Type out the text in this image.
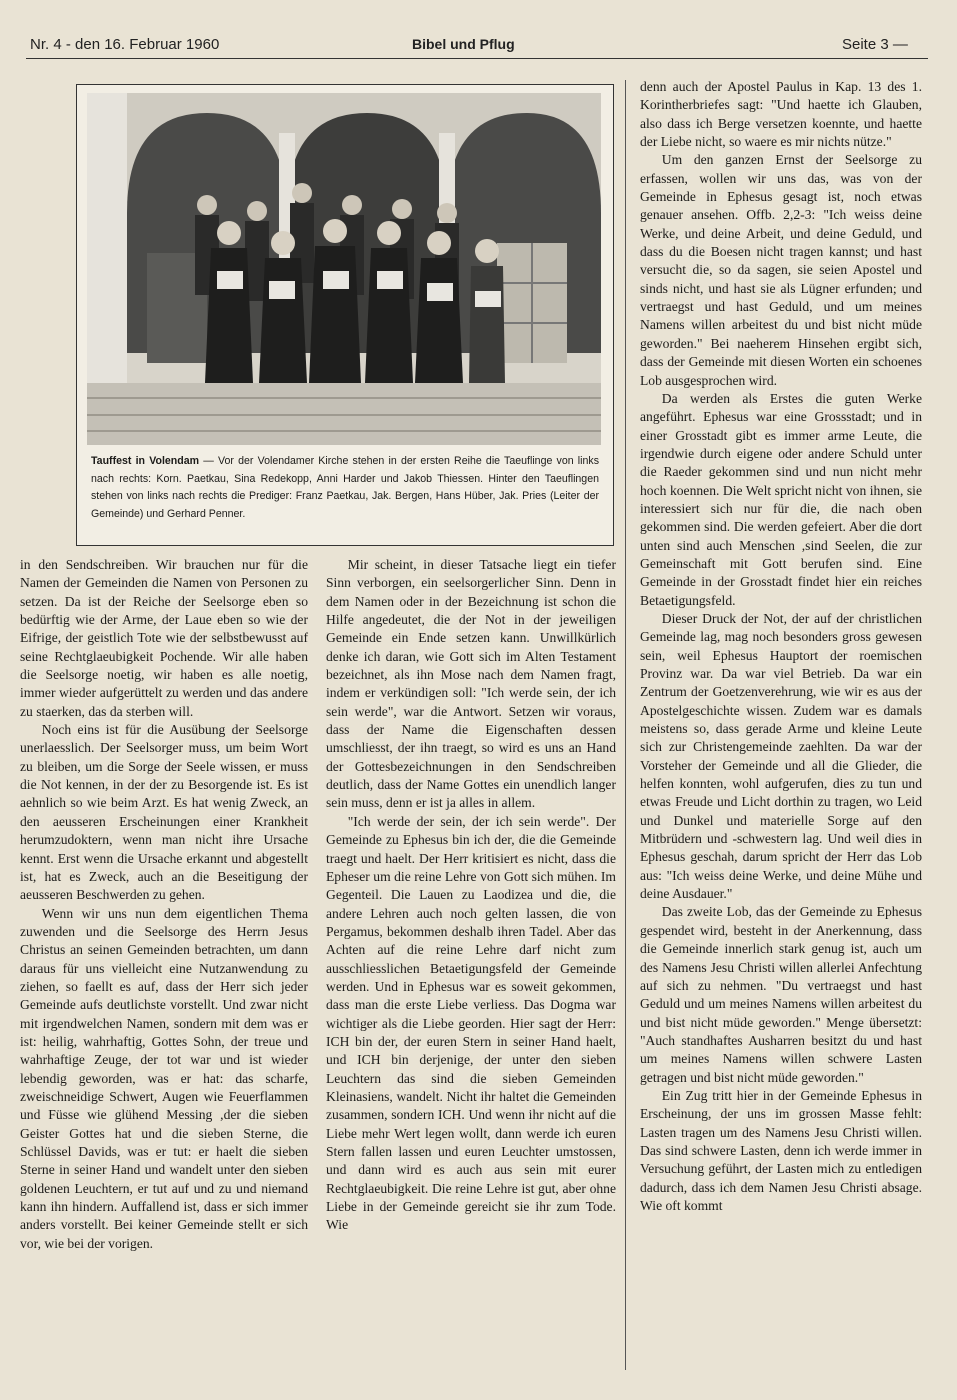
Nr. 4 - den 16. Februar 1960	Bibel und Pflug	Seite 3 —
Tauffest in Volendam — Vor der Volendamer Kirche stehen in der ersten Reihe die Taeuflinge von links nach rechts: Korn. Paetkau, Sina Redekopp, Anni Harder und Jakob Thiessen. Hinter den Taeuflingen stehen von links nach rechts die Prediger: Franz Paetkau, Jak. Bergen, Hans Hüber, Jak. Pries (Leiter der Gemeinde) und Gerhard Penner.

in den Sendschreiben. Wir brauchen nur für die Namen der Gemeinden die Namen von Personen zu setzen. Da ist der Reiche der Seelsorge eben so bedürftig wie der Arme, der Laue eben so wie der Eifrige, der geistlich Tote wie der selbstbewusst auf seine Rechtglaeubigkeit Pochende. Wir alle haben die Seelsorge noetig, wir haben es alle noetig, immer wieder aufgerüttelt zu werden und das andere zu staerken, das da sterben will.

Noch eins ist für die Ausübung der Seelsorge unerlaesslich. Der Seelsorger muss, um beim Wort zu bleiben, um die Sorge der Seele wissen, er muss die Not kennen, in der der zu Besorgende ist. Es ist aehnlich so wie beim Arzt. Es hat wenig Zweck, an den aeusseren Erscheinungen einer Krankheit herumzudoktern, wenn man nicht ihre Ursache kennt. Erst wenn die Ursache erkannt und abgestellt ist, hat es Zweck, auch an die Beseitigung der aeusseren Beschwerden zu gehen.

Wenn wir uns nun dem eigentlichen Thema zuwenden und die Seelsorge des Herrn Jesus Christus an seinen Gemeinden betrachten, um dann daraus für uns vielleicht eine Nutzanwendung zu ziehen, so faellt es auf, dass der Herr sich jeder Gemeinde aufs deutlichste vorstellt. Und zwar nicht mit irgendwelchen Namen, sondern mit dem was er ist: heilig, wahrhaftig, Gottes Sohn, der treue und wahrhaftige Zeuge, der tot war und ist wieder lebendig geworden, was er hat: das scharfe, zweischneidige Schwert, Augen wie Feuerflammen und Füsse wie glühend Messing ,der die sieben Geister Gottes hat und die sieben Sterne, die Schlüssel Davids, was er tut: er haelt die sieben Sterne in seiner Hand und wandelt unter den sieben goldenen Leuchtern, er tut auf und zu und niemand kann ihn hindern. Auffallend ist, dass er sich immer anders vorstellt. Bei keiner Gemeinde stellt er sich vor, wie bei der vorigen.

Mir scheint, in dieser Tatsache liegt ein tiefer Sinn verborgen, ein seelsorgerlicher Sinn. Denn in dem Namen oder in der Bezeichnung ist schon die Hilfe angedeutet, die der Not in der jeweiligen Gemeinde ein Ende setzen kann. Unwillkürlich denke ich daran, wie Gott sich im Alten Testament bezeichnet, als ihn Mose nach dem Namen fragt, indem er verkündigen soll: "Ich werde sein, der ich sein werde", war die Antwort. Setzen wir voraus, dass der Name die Eigenschaften dessen umschliesst, der ihn traegt, so wird es uns an Hand der Gottesbezeichnungen in den Sendschreiben deutlich, dass der Name Gottes ein unendlich langer sein muss, denn er ist ja alles in allem.

"Ich werde der sein, der ich sein werde". Der Gemeinde zu Ephesus bin ich der, die die Gemeinde traegt und haelt. Der Herr kritisiert es nicht, dass die Epheser um die reine Lehre von Gott sich mühen. Im Gegenteil. Die Lauen zu Laodizea und die, die andere Lehren auch noch gelten lassen, die von Pergamus, bekommen deshalb ihren Tadel. Aber das Achten auf die reine Lehre darf nicht zum ausschliesslichen Betaetigungsfeld der Gemeinde werden. Und in Ephesus war es soweit gekommen, dass man die erste Liebe verliess. Das Dogma war wichtiger als die Liebe georden. Hier sagt der Herr: ICH bin der, der euren Stern in seiner Hand haelt, und ICH bin derjenige, der unter den sieben Leuchtern das sind die sieben Gemeinden Kleinasiens, wandelt. Nicht ihr haltet die Gemeinden zusammen, sondern ICH. Und wenn ihr nicht auf die Liebe mehr Wert legen wollt, dann werde ich euren Stern fallen lassen und euren Leuchter umstossen, und dann wird es auch aus sein mit eurer Rechtglaeubigkeit. Die reine Lehre ist gut, aber ohne Liebe in der Gemeinde gereicht sie ihr zum Tode. Wie

denn auch der Apostel Paulus in Kap. 13 des 1. Korintherbriefes sagt: "Und haette ich Glauben, also dass ich Berge versetzen koennte, und haette der Liebe nicht, so waere es mir nichts nütze."

Um den ganzen Ernst der Seelsorge zu erfassen, wollen wir uns das, was von der Gemeinde in Ephesus gesagt ist, noch etwas genauer ansehen. Offb. 2,2-3: "Ich weiss deine Werke, und deine Arbeit, und deine Geduld, und dass du die Boesen nicht tragen kannst; und hast versucht die, so da sagen, sie seien Apostel und sinds nicht, und hast sie als Lügner erfunden; und vertraegst und hast Geduld, und um meines Namens willen arbeitest du und bist nicht müde geworden." Bei naeherem Hinsehen ergibt sich, dass der Gemeinde mit diesen Worten ein schoenes Lob ausgesprochen wird.

Da werden als Erstes die guten Werke angeführt. Ephesus war eine Grossstadt; und in einer Grosstadt gibt es immer arme Leute, die irgendwie durch eigene oder andere Schuld unter die Raeder gekommen sind und nun nicht mehr hoch koennen. Die Welt spricht nicht von ihnen, sie interessiert sich nur für die, die nach oben gekommen sind. Die werden gefeiert. Aber die dort unten sind auch Menschen ,sind Seelen, die zur Gemeinschaft mit Gott berufen sind. Eine Gemeinde in der Grosstadt findet hier ein reiches Betaetigungsfeld.

Dieser Druck der Not, der auf der christlichen Gemeinde lag, mag noch besonders gross gewesen sein, weil Ephesus Hauptort der roemischen Provinz war. Da war viel Betrieb. Da war ein Zentrum der Goetzenverehrung, wie wir es aus der Apostelgeschichte wissen. Zudem war es damals meistens so, dass gerade Arme und kleine Leute sich zur Christengemeinde zaehlten. Da war der Vorsteher der Gemeinde und all die Glieder, die helfen konnten, wohl aufgerufen, dies zu tun und etwas Freude und Licht dorthin zu tragen, wo Leid und Dunkel und materielle Sorge auf den Mitbrüdern und -schwestern lag. Und weil dies in Ephesus geschah, darum spricht der Herr das Lob aus: "Ich weiss deine Werke, und deine Mühe und deine Ausdauer."

Das zweite Lob, das der Gemeinde zu Ephesus gespendet wird, besteht in der Anerkennung, dass die Gemeinde innerlich stark genug ist, auch um des Namens Jesu Christi willen allerlei Anfechtung auf sich zu nehmen. "Du vertraegst und hast Geduld und um meines Namens willen arbeitest du und bist nicht müde geworden." Menge übersetzt: "Auch standhaftes Ausharren besitzt du und hast um meines Namens willen schwere Lasten getragen und bist nicht müde geworden."

Ein Zug tritt hier in der Gemeinde Ephesus in Erscheinung, der uns im grossen Masse fehlt: Lasten tragen um des Namens Jesu Christi willen. Das sind schwere Lasten, denn ich werde immer in Versuchung geführt, der Lasten mich zu entledigen dadurch, dass ich dem Namen Jesu Christi absage. Wie oft kommt
